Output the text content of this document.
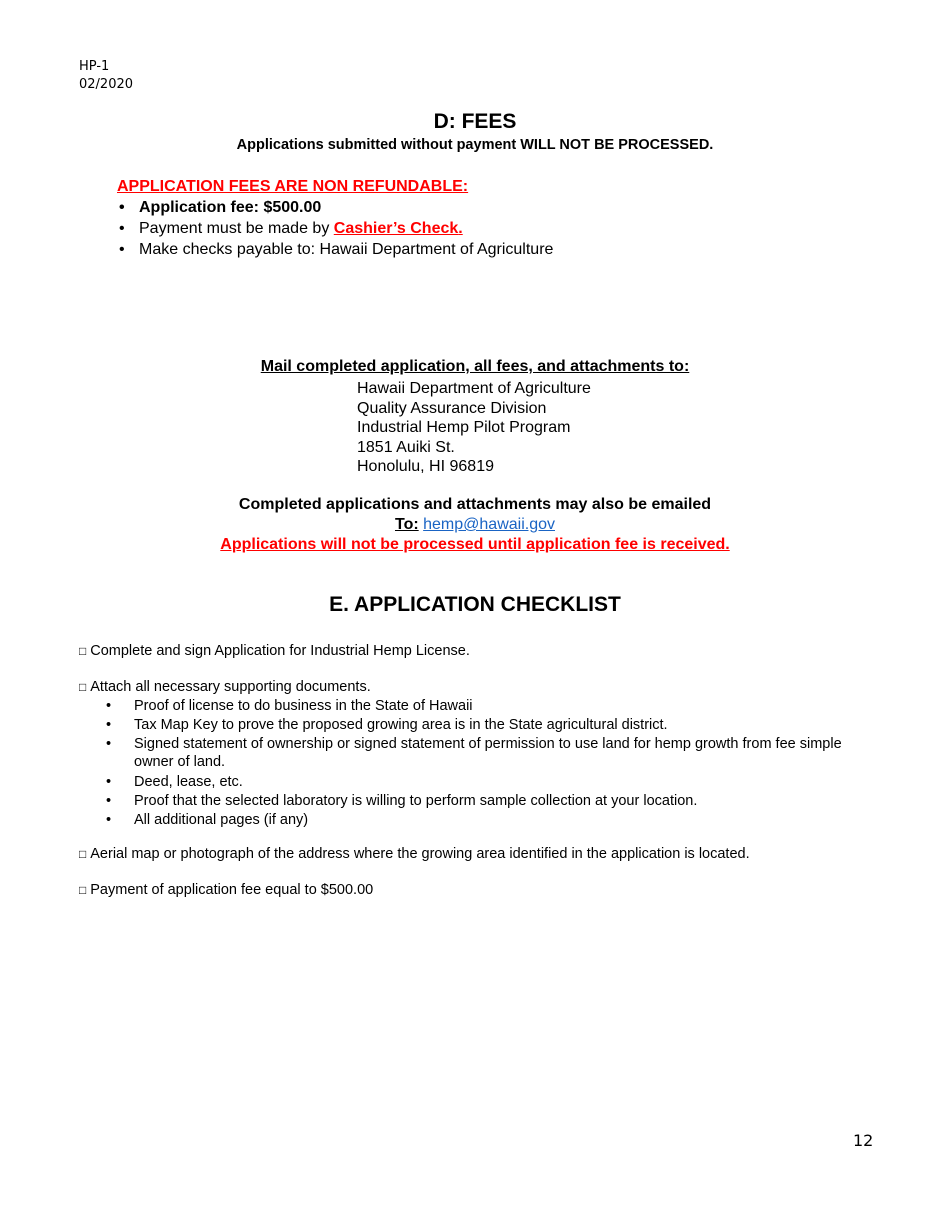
HP-1
02/2020
D: FEES
Applications submitted without payment WILL NOT BE PROCESSED.
APPLICATION FEES ARE NON REFUNDABLE:
• Application fee: $500.00
• Payment must be made by Cashier’s Check.
• Make checks payable to: Hawaii Department of Agriculture
Mail completed application, all fees, and attachments to:
Hawaii Department of Agriculture
Quality Assurance Division
Industrial Hemp Pilot Program
1851 Auiki St.
Honolulu, HI 96819
Completed applications and attachments may also be emailed
To: hemp@hawaii.gov
Applications will not be processed until application fee is received.
E. APPLICATION CHECKLIST
□ Complete and sign Application for Industrial Hemp License.
□ Attach all necessary supporting documents.
• Proof of license to do business in the State of Hawaii
• Tax Map Key to prove the proposed growing area is in the State agricultural district.
• Signed statement of ownership or signed statement of permission to use land for hemp growth from fee simple owner of land.
• Deed, lease, etc.
• Proof that the selected laboratory is willing to perform sample collection at your location.
• All additional pages (if any)
□ Aerial map or photograph of the address where the growing area identified in the application is located.
□ Payment of application fee equal to $500.00
12
